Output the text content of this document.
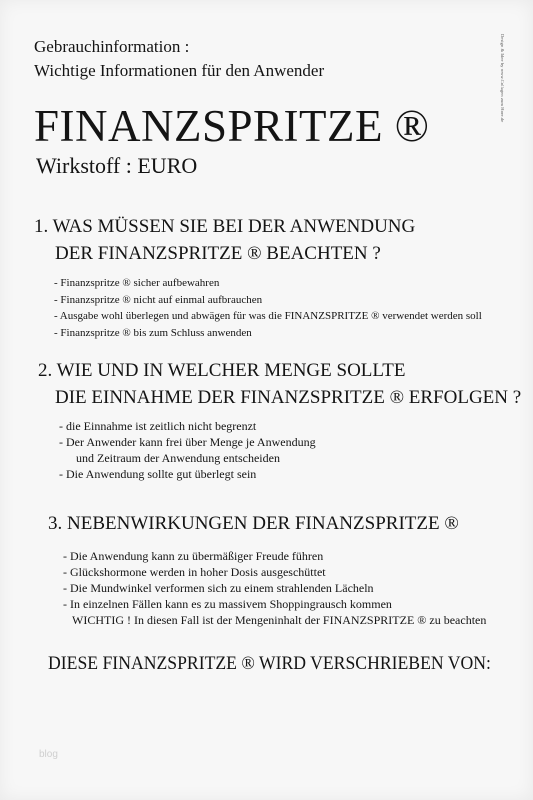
Gebrauchinformation :
Wichtige Informationen für den Anwender	Design & Idee by www.Collagen zum Hore.de
FINANZSPRITZE ®
Wirkstoff : EURO
1. WAS MÜSSEN SIE BEI DER ANWENDUNG
DER FINANZSPRITZE ® BEACHTEN ?
- Finanzspritze ® sicher aufbewahren
- Finanzspritze ® nicht auf einmal aufbrauchen
- Ausgabe wohl überlegen und abwägen für was die FINANZSPRITZE ® verwendet werden soll
- Finanzspritze ® bis zum Schluss anwenden
2. WIE UND IN WELCHER MENGE SOLLTE
DIE EINNAHME DER FINANZSPRITZE ® ERFOLGEN ?
- die Einnahme ist zeitlich nicht begrenzt
- Der Anwender kann frei über Menge je Anwendung
und Zeitraum der Anwendung entscheiden
- Die Anwendung sollte gut überlegt sein
3. NEBENWIRKUNGEN DER FINANZSPRITZE ®
- Die Anwendung kann zu übermäßiger Freude führen
- Glückshormone werden in hoher Dosis ausgeschüttet
- Die Mundwinkel verformen sich zu einem strahlenden Lächeln
- In einzelnen Fällen kann es zu massivem Shoppingrausch kommen
WICHTIG ! In diesen Fall ist der Mengeninhalt der FINANZSPRITZE ® zu beachten
DIESE FINANZSPRITZE ® WIRD VERSCHRIEBEN VON:
blog
